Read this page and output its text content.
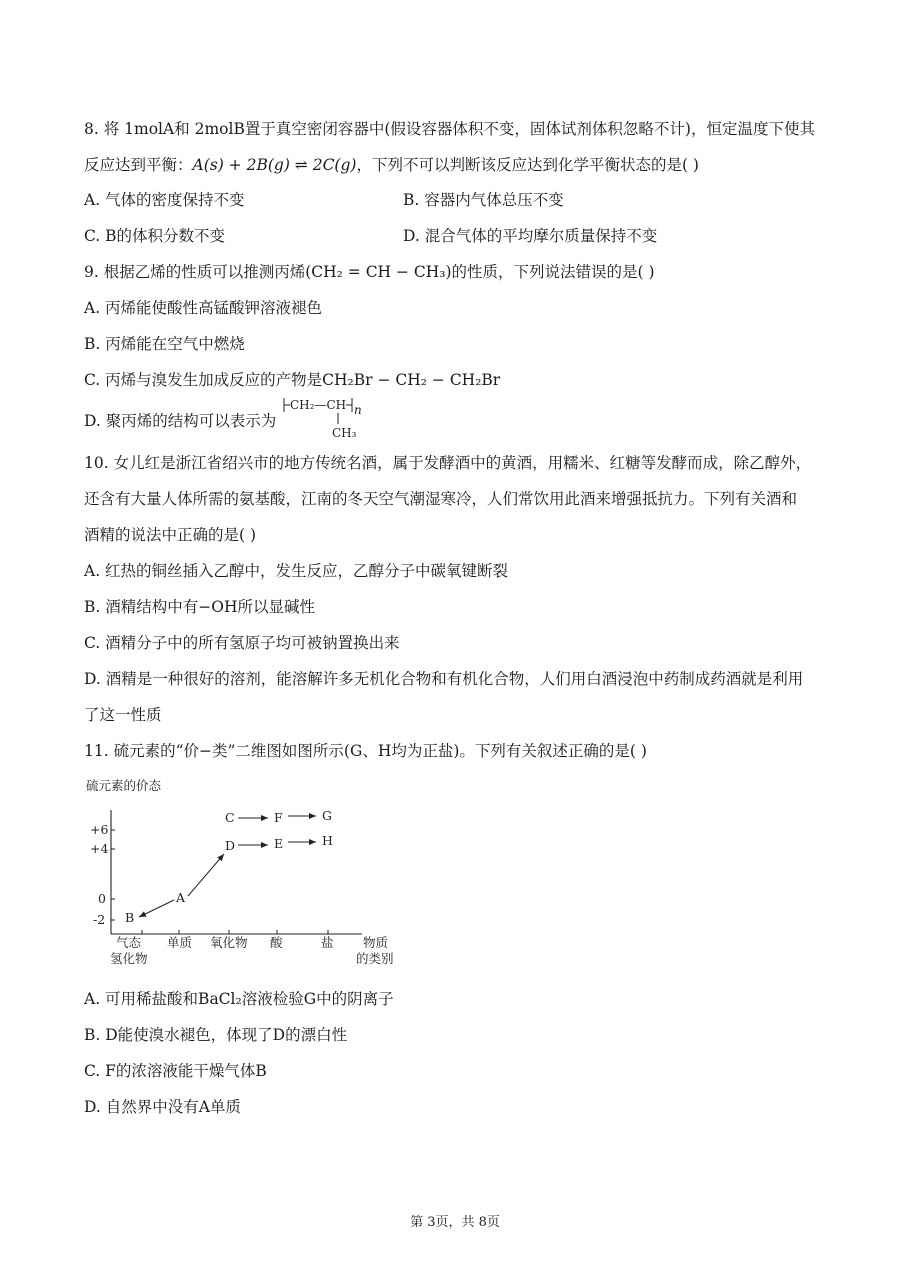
8. 将 1molA和 2molB置于真空密闭容器中(假设容器体积不变，固体试剂体积忽略不计)，恒定温度下使其
反应达到平衡：A(s) + 2B(g) ⇌ 2C(g)，下列不可以判断该反应达到化学平衡状态的是( )
A. 气体的密度保持不变	B. 容器内气体总压不变
C. B的体积分数不变	D. 混合气体的平均摩尔质量保持不变
9. 根据乙烯的性质可以推测丙烯(CH₂ = CH − CH₃)的性质，下列说法错误的是( )
A. 丙烯能使酸性高锰酸钾溶液褪色
B. 丙烯能在空气中燃烧
C. 丙烯与溴发生加成反应的产物是CH₂Br − CH₂ − CH₂Br
D. 聚丙烯的结构可以表示为
CH₂—CH n
CH₃
10. 女儿红是浙江省绍兴市的地方传统名酒，属于发酵酒中的黄酒，用糯米、红糖等发酵而成，除乙醇外，
还含有大量人体所需的氨基酸，江南的冬天空气潮湿寒冷，人们常饮用此酒来增强抵抗力。下列有关酒和
酒精的说法中正确的是( )
A. 红热的铜丝插入乙醇中，发生反应，乙醇分子中碳氧键断裂
B. 酒精结构中有−OH所以显碱性
C. 酒精分子中的所有氢原子均可被钠置换出来
D. 酒精是一种很好的溶剂，能溶解许多无机化合物和有机化合物，人们用白酒浸泡中药制成药酒就是利用
了这一性质
11. 硫元素的“价−类”二维图如图所示(G、H均为正盐)。下列有关叙述正确的是( )
硫元素的价态
+6
+4
0
-2
气态
氢化物
单质 氧化物 酸	盐 物质
的类别
B
A
C
D
F
E
G
H
A. 可用稀盐酸和BaCl₂溶液检验G中的阴离子
B. D能使溴水褪色，体现了D的漂白性
C. F的浓溶液能干燥气体B
D. 自然界中没有A单质
第 3页，共 8页
